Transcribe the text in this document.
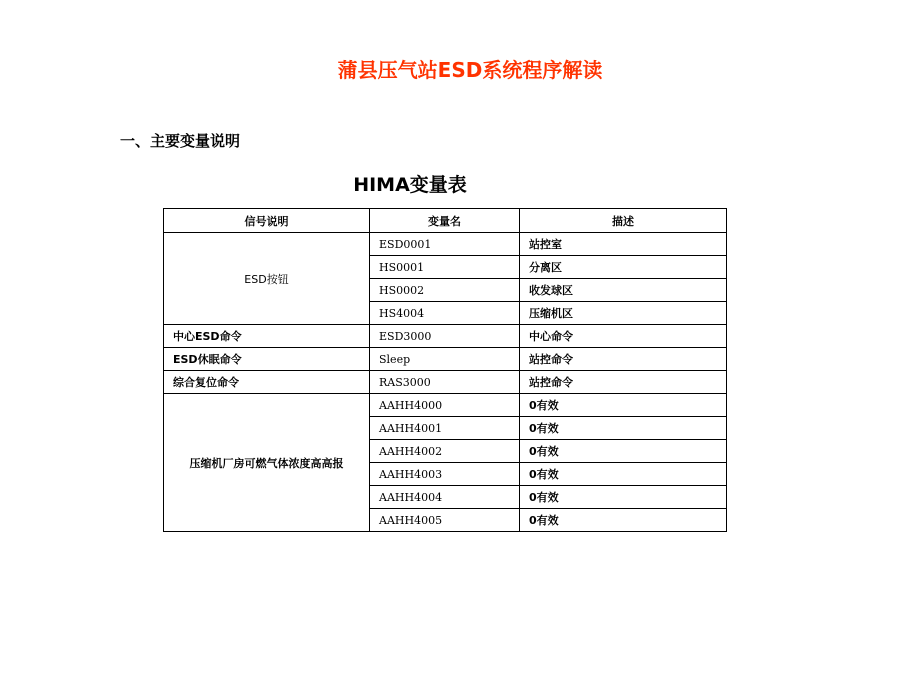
蒲县压气站ESD系统程序解读
一、主要变量说明
HIMA变量表
信号说明	变量名	描述
ESD按钮	ESD0001	站控室
	HS0001	分离区
	HS0002	收发球区
	HS4004	压缩机区
中心ESD命令	ESD3000	中心命令
ESD休眠命令	Sleep	站控命令
综合复位命令	RAS3000	站控命令
压缩机厂房可燃气体浓度高高报	AAHH4000	0有效
	AAHH4001	0有效
	AAHH4002	0有效
	AAHH4003	0有效
	AAHH4004	0有效
	AAHH4005	0有效
